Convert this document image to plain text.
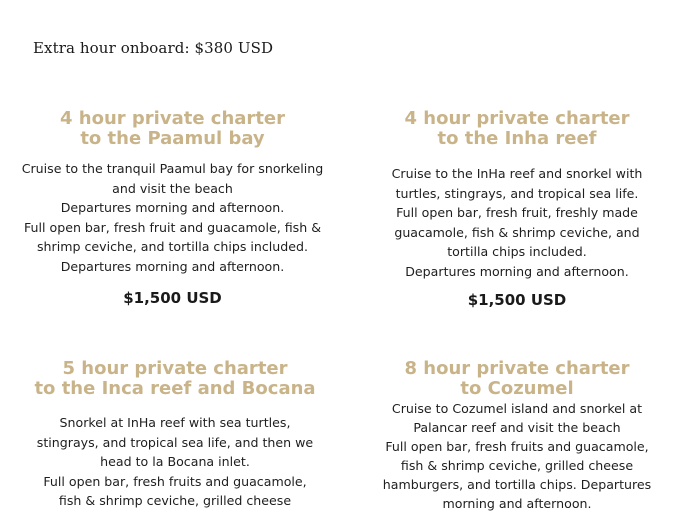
Extra hour onboard: $380 USD
4 hour private charter
to the Paamul bay
Cruise to the tranquil Paamul bay for snorkeling
and visit the beach
Departures morning and afternoon.
Full open bar, fresh fruit and guacamole, fish &
shrimp ceviche, and tortilla chips included.
Departures morning and afternoon.
$1,500 USD
4 hour private charter
to the Inha reef
Cruise to the InHa reef and snorkel with
turtles, stingrays, and tropical sea life.
Full open bar, fresh fruit, freshly made
guacamole, fish & shrimp ceviche, and
tortilla chips included.
Departures morning and afternoon.
$1,500 USD
5 hour private charter
to the Inca reef and Bocana
Snorkel at InHa reef with sea turtles,
stingrays, and tropical sea life, and then we
head to la Bocana inlet.
Full open bar, fresh fruits and guacamole,
fish & shrimp ceviche, grilled cheese
8 hour private charter
to Cozumel
Cruise to Cozumel island and snorkel at
Palancar reef and visit the beach
Full open bar, fresh fruits and guacamole,
fish & shrimp ceviche, grilled cheese
hamburgers, and tortilla chips. Departures
morning and afternoon.
